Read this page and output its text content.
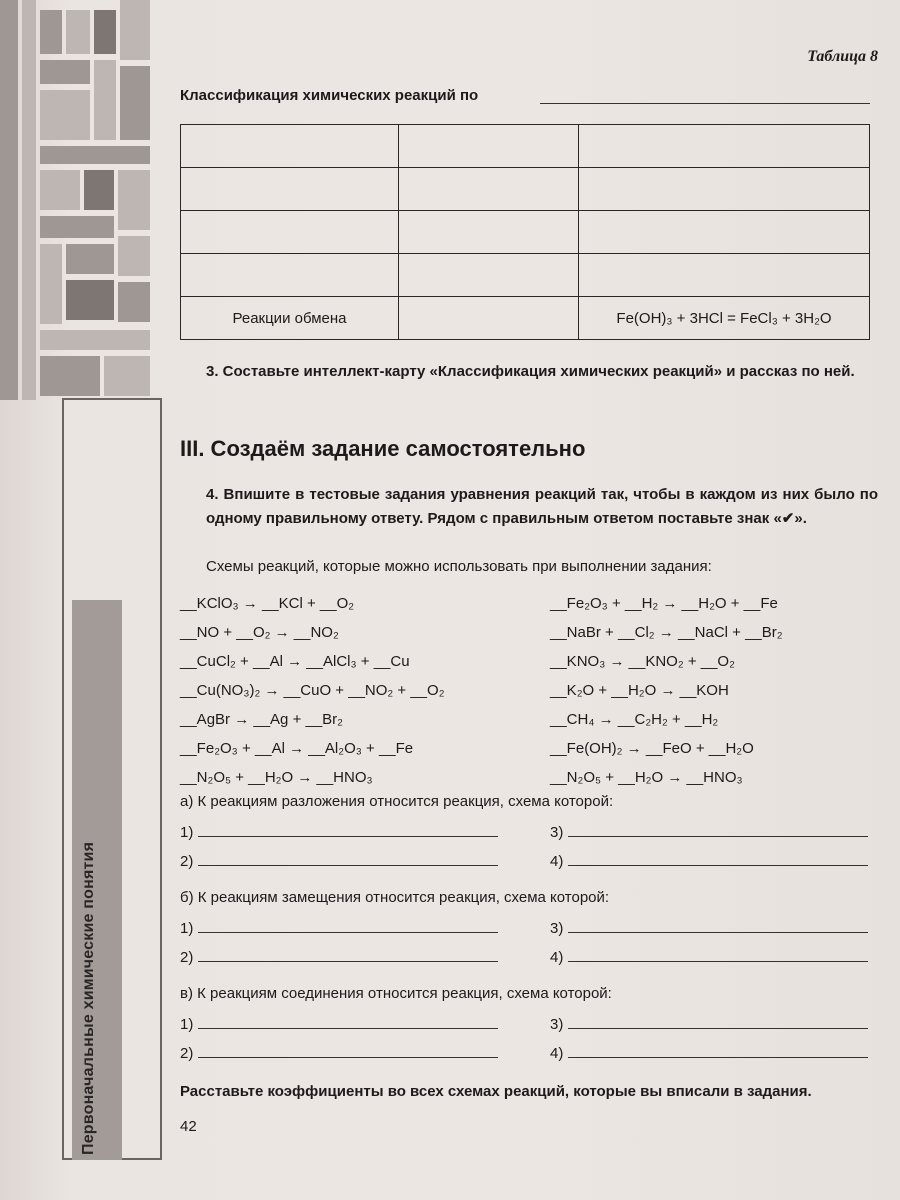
Первоначальные химические понятия
Таблица 8
Классификация химических реакций по

Реакции обмена		Fe(OH)₃ + 3HCl = FeCl₃ + 3H₂O
3. Составьте интеллект-карту «Классификация химических реакций» и рассказ по ней.
III. Создаём задание самостоятельно
4. Впишите в тестовые задания уравнения реакций так, чтобы в каждом из них было по одному правильному ответу. Рядом с правильным ответом поставьте знак «✔».
Схемы реакций, которые можно использовать при выполнении задания:
__KClO₃ → __KCl + __O₂
__NO + __O₂ → __NO₂
__CuCl₂ + __Al → __AlCl₃ + __Cu
__Cu(NO₃)₂ → __CuO + __NO₂ + __O₂
__AgBr → __Ag + __Br₂
__Fe₂O₃ + __Al → __Al₂O₃ + __Fe
__N₂O₅ + __H₂O → __HNO₃
__Fe₂O₃ + __H₂ → __H₂O + __Fe
__NaBr + __Cl₂ → __NaCl + __Br₂
__KNO₃ → __KNO₂ + __O₂
__K₂O + __H₂O → __KOH
__CH₄ → __C₂H₂ + __H₂
__Fe(OH)₂ → __FeO + __H₂O
__N₂O₅ + __H₂O → __HNO₃
а) К реакциям разложения относится реакция, схема которой:
1)
2)
3)
4)
б) К реакциям замещения относится реакция, схема которой:
1)
2)
3)
4)
в) К реакциям соединения относится реакция, схема которой:
1)
2)
3)
4)
Расставьте коэффициенты во всех схемах реакций, которые вы вписали в задания.
42
